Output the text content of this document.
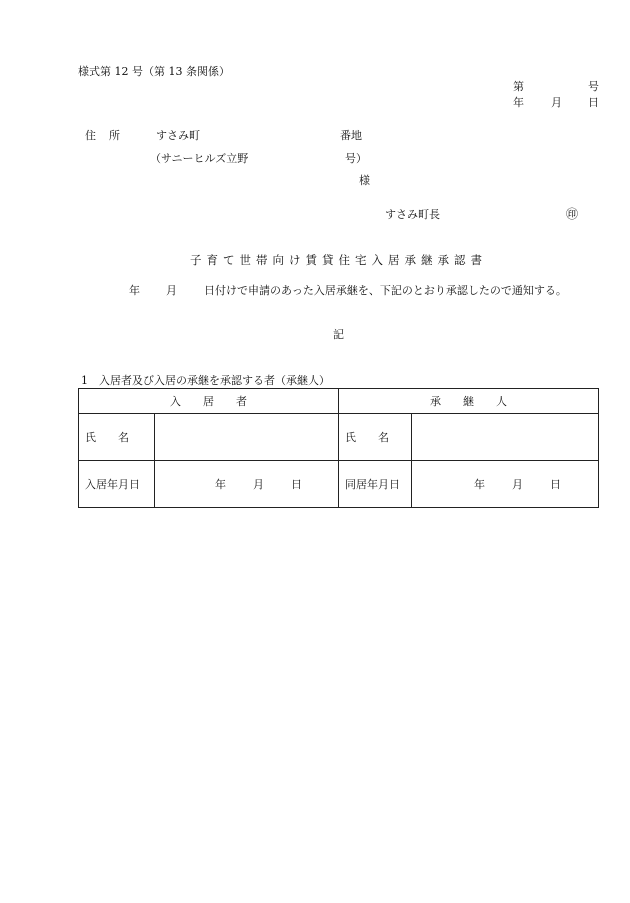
様式第 12 号（第 13 条関係）
第	号
年 月 日
住 所	すさみ町	番地
（サニーヒルズ立野	号）
様
すさみ町長	㊞
子育て世帯向け賃貸住宅入居承継承認書
年 月 日付けで申請のあった入居承継を、下記のとおり承認したので通知する。
記
1　入居者及び入居の承継を承認する者（承継人）
入　　居　　者		承　　継　　人	
氏　　名		氏　　名	
入居年月日	年 月 日	同居年月日	年 月 日
